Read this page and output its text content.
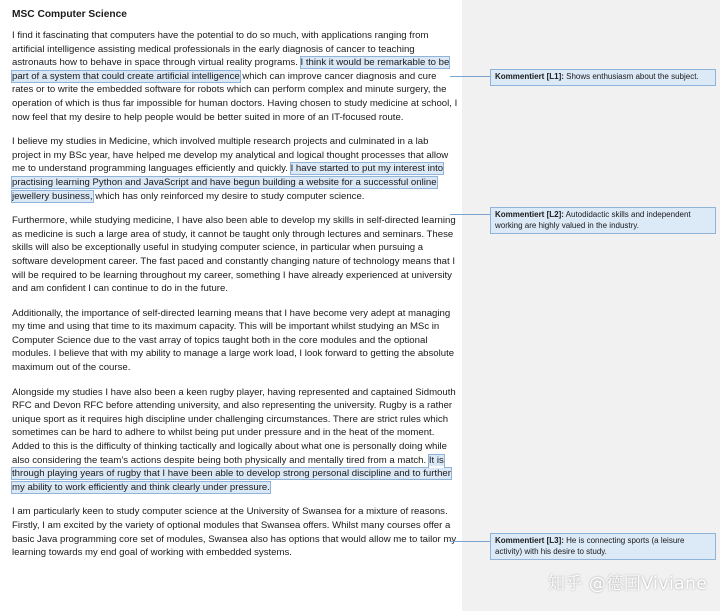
MSC Computer Science

I find it fascinating that computers have the potential to do so much, with applications ranging from artificial intelligence assisting medical professionals in the early diagnosis of cancer to teaching astronauts how to behave in space through virtual reality programs. I think it would be remarkable to be part of a system that could create artificial intelligence which can improve cancer diagnosis and cure rates or to write the embedded software for robots which can perform complex and minute surgery, the operation of which is thus far impossible for human doctors. Having chosen to study medicine at school, I now feel that my desire to help people would be better suited in more of an IT-focused route.

I believe my studies in Medicine, which involved multiple research projects and culminated in a lab project in my BSc year, have helped me develop my analytical and logical thought processes that allow me to understand programming languages efficiently and quickly. I have started to put my interest into practising learning Python and JavaScript and have begun building a website for a successful online jewellery business, which has only reinforced my desire to study computer science.

Furthermore, while studying medicine, I have also been able to develop my skills in self-directed learning as medicine is such a large area of study, it cannot be taught only through lectures and seminars. These skills will also be exceptionally useful in studying computer science, in particular when pursuing a software development career. The fast paced and constantly changing nature of technology means that I will be required to be learning throughout my career, something I have already experienced at university and am confident I can continue to do in the future.

Additionally, the importance of self-directed learning means that I have become very adept at managing my time and using that time to its maximum capacity. This will be important whilst studying an MSc in Computer Science due to the vast array of topics taught both in the core modules and the optional modules. I believe that with my ability to manage a large work load, I look forward to getting the absolute maximum out of the course.

Alongside my studies I have also been a keen rugby player, having represented and captained Sidmouth RFC and Devon RFC before attending university, and also representing the university. Rugby is a rather unique sport as it requires high discipline under challenging circumstances. There are strict rules which sometimes can be hard to adhere to whilst being put under pressure and in the heat of the moment. Added to this is the difficulty of thinking tactically and logically about what one is personally doing while also considering the team’s actions despite being both physically and mentally tired from a match. It is through playing years of rugby that I have been able to develop strong personal discipline and to further my ability to work efficiently and think clearly under pressure.

I am particularly keen to study computer science at the University of Swansea for a mixture of reasons. Firstly, I am excited by the variety of optional modules that Swansea offers. Whilst many courses offer a basic Java programming core set of modules, Swansea also has options that would allow me to tailor my learning towards my end goal of working with embedded systems.

Kommentiert [L1]: Shows enthusiasm about the subject.
Kommentiert [L2]: Autodidactic skills and independent working are highly valued in the industry.
Kommentiert [L3]: He is connecting sports (a leisure activity) with his desire to study.
知乎 @德国Viviane
